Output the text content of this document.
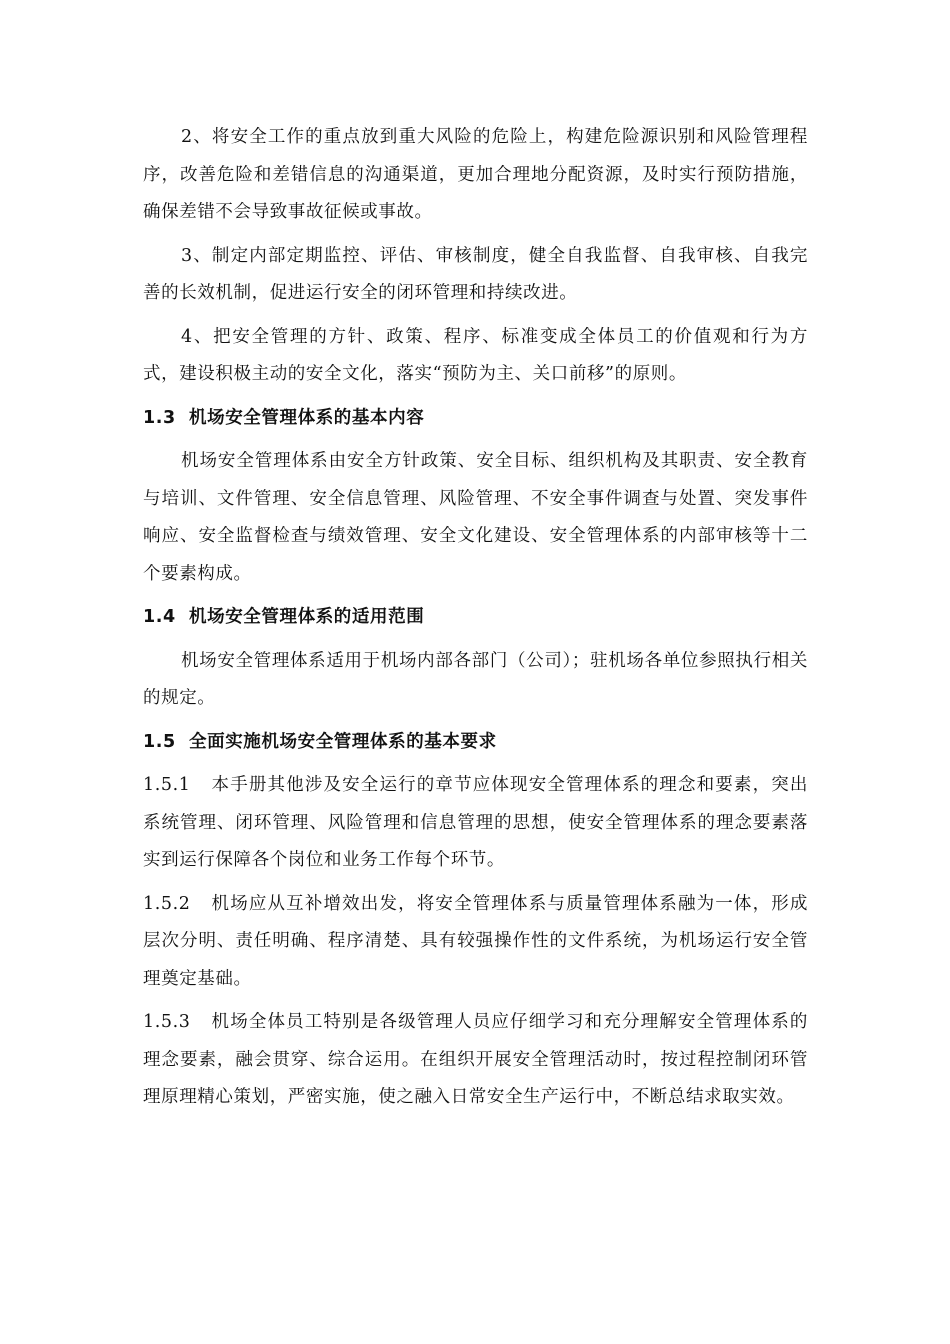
2、将安全工作的重点放到重大风险的危险上，构建危险源识别和风险管理程序，改善危险和差错信息的沟通渠道，更加合理地分配资源，及时实行预防措施，确保差错不会导致事故征候或事故。

3、制定内部定期监控、评估、审核制度，健全自我监督、自我审核、自我完善的长效机制，促进运行安全的闭环管理和持续改进。

4、把安全管理的方针、政策、程序、标准变成全体员工的价值观和行为方式，建设积极主动的安全文化，落实“预防为主、关口前移”的原则。

1.3 机场安全管理体系的基本内容

机场安全管理体系由安全方针政策、安全目标、组织机构及其职责、安全教育与培训、文件管理、安全信息管理、风险管理、不安全事件调查与处置、突发事件响应、安全监督检查与绩效管理、安全文化建设、安全管理体系的内部审核等十二个要素构成。

1.4 机场安全管理体系的适用范围

机场安全管理体系适用于机场内部各部门（公司）；驻机场各单位参照执行相关的规定。

1.5 全面实施机场安全管理体系的基本要求

1.5.1 本手册其他涉及安全运行的章节应体现安全管理体系的理念和要素，突出系统管理、闭环管理、风险管理和信息管理的思想，使安全管理体系的理念要素落实到运行保障各个岗位和业务工作每个环节。

1.5.2 机场应从互补增效出发，将安全管理体系与质量管理体系融为一体，形成层次分明、责任明确、程序清楚、具有较强操作性的文件系统，为机场运行安全管理奠定基础。

1.5.3 机场全体员工特别是各级管理人员应仔细学习和充分理解安全管理体系的理念要素，融会贯穿、综合运用。在组织开展安全管理活动时，按过程控制闭环管理原理精心策划，严密实施，使之融入日常安全生产运行中，不断总结求取实效。
